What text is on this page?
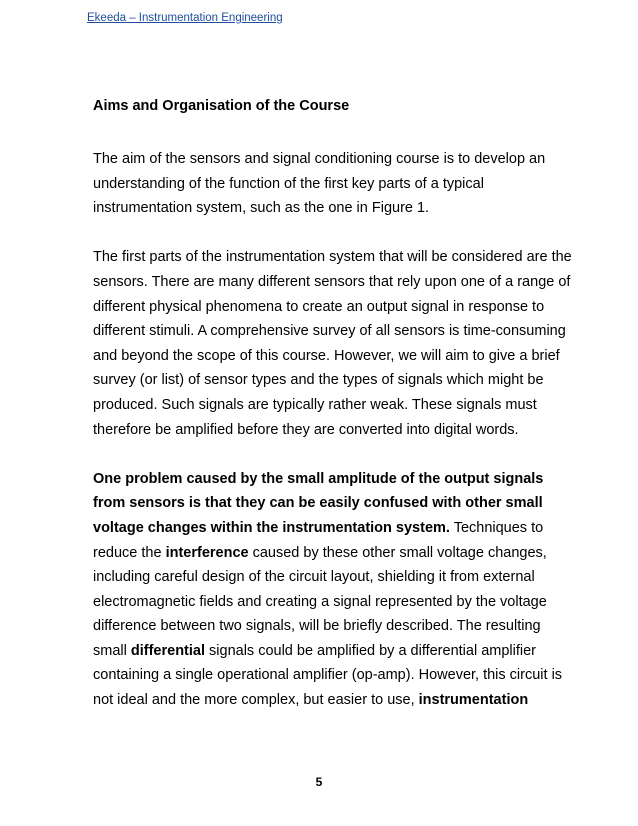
Ekeeda – Instrumentation Engineering
Aims and Organisation of the Course
The aim of the sensors and signal conditioning course is to develop an
understanding of the function of the first key parts of a typical
instrumentation system, such as the one in Figure 1.
The first parts of the instrumentation system that will be considered are the
sensors. There are many different sensors that rely upon one of a range of
different physical phenomena to create an output signal in response to
different stimuli. A comprehensive survey of all sensors is time-consuming
and beyond the scope of this course. However, we will aim to give a brief
survey (or list) of sensor types and the types of signals which might be
produced. Such signals are typically rather weak. These signals must
therefore be amplified before they are converted into digital words.
One problem caused by the small amplitude of the output signals
from sensors is that they can be easily confused with other small
voltage changes within the instrumentation system. Techniques to
reduce the interference caused by these other small voltage changes,
including careful design of the circuit layout, shielding it from external
electromagnetic fields and creating a signal represented by the voltage
difference between two signals, will be briefly described. The resulting
small differential signals could be amplified by a differential amplifier
containing a single operational amplifier (op-amp). However, this circuit is
not ideal and the more complex, but easier to use, instrumentation
5
